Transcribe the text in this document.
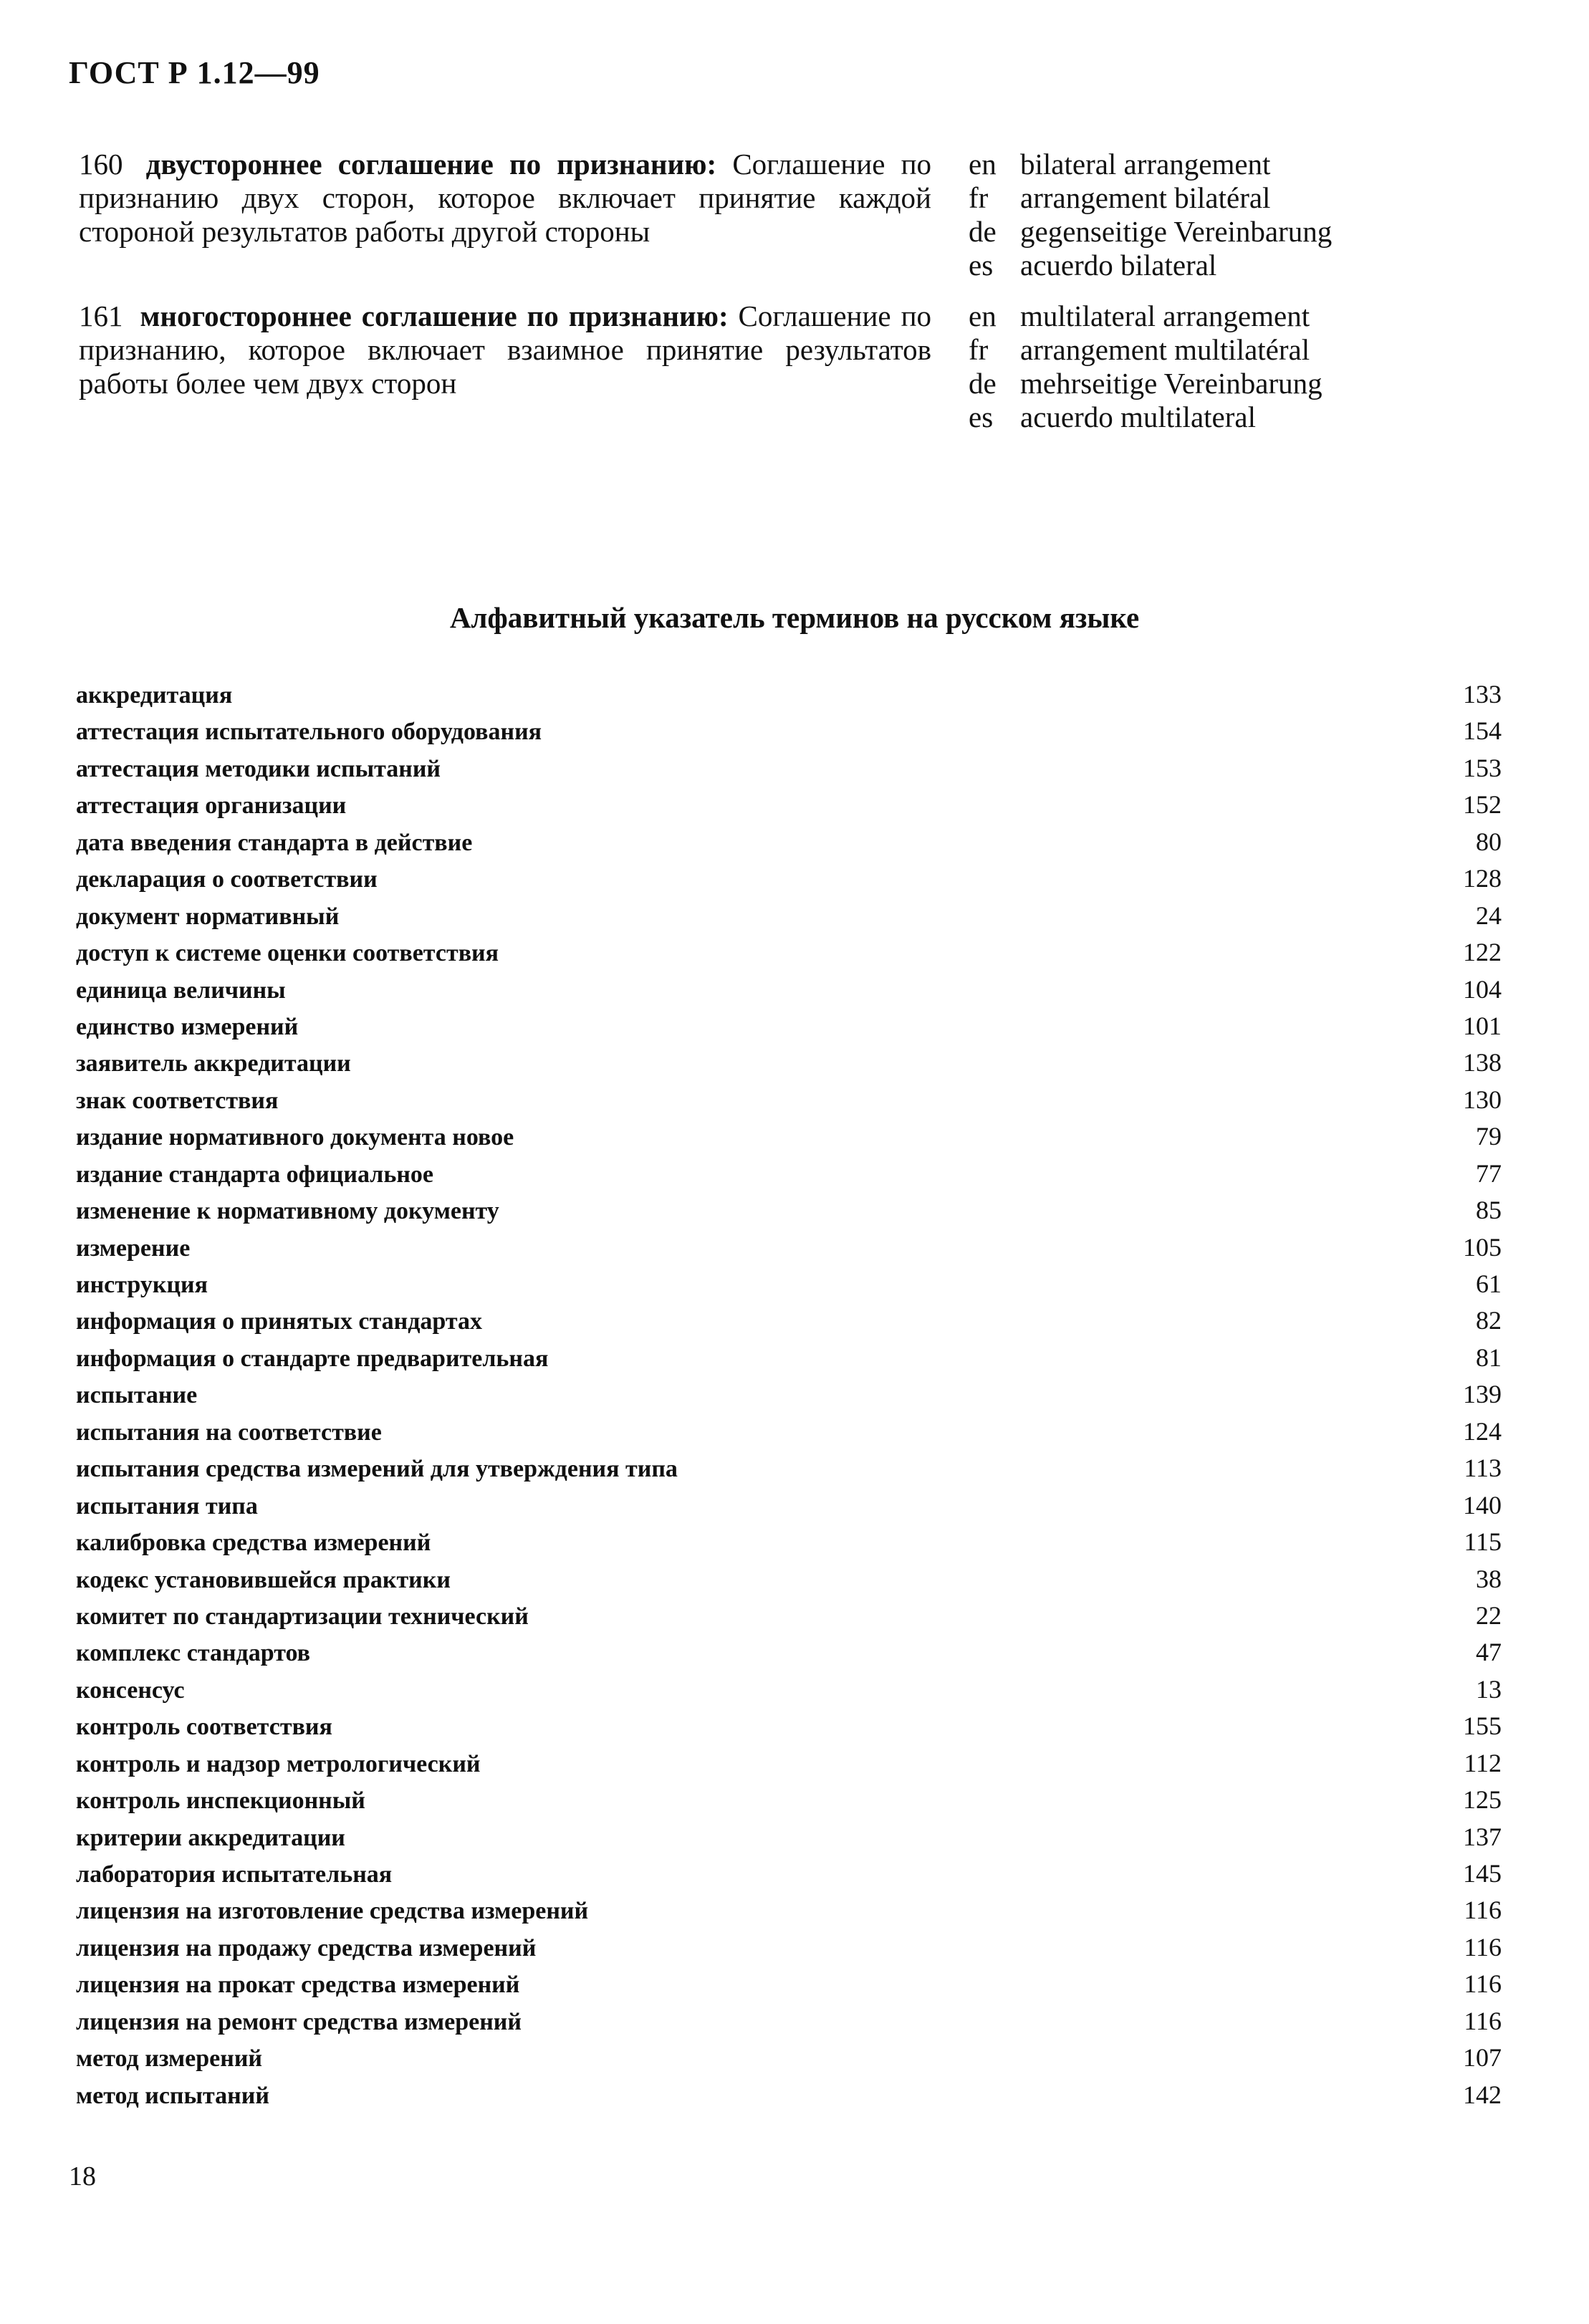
ГОСТ Р 1.12—99
160 двустороннее соглашение по признанию: Соглашение по признанию двух сторон, которое включает принятие каждой стороной результатов работы другой стороны
en bilateral arrangement
fr	arrangement bilatéral
de gegenseitige Vereinbarung
es acuerdo bilateral
161 многостороннее соглашение по признанию: Соглашение по признанию, которое включает взаимное принятие результатов работы более чем двух сторон
en multilateral arrangement
fr	arrangement multilatéral
de mehrseitige Vereinbarung
es acuerdo multilateral
Алфавитный указатель терминов на русском языке
аккредитация	133
аттестация испытательного оборудования	154
аттестация методики испытаний	153
аттестация организации	152
дата введения стандарта в действие	80
декларация о соответствии	128
документ нормативный	24
доступ к системе оценки соответствия	122
единица величины	104
единство измерений	101
заявитель аккредитации	138
знак соответствия	130
издание нормативного документа новое	79
издание стандарта официальное	77
изменение к нормативному документу	85
измерение	105
инструкция	61
информация о принятых стандартах	82
информация о стандарте предварительная	81
испытание	139
испытания на соответствие	124
испытания средства измерений для утверждения типа	113
испытания типа	140
калибровка средства измерений	115
кодекс установившейся практики	38
комитет по стандартизации технический	22
комплекс стандартов	47
консенсус	13
контроль соответствия	155
контроль и надзор метрологический	112
контроль инспекционный	125
критерии аккредитации	137
лаборатория испытательная	145
лицензия на изготовление средства измерений	116
лицензия на продажу средства измерений	116
лицензия на прокат средства измерений	116
лицензия на ремонт средства измерений	116
метод измерений	107
метод испытаний	142
18
